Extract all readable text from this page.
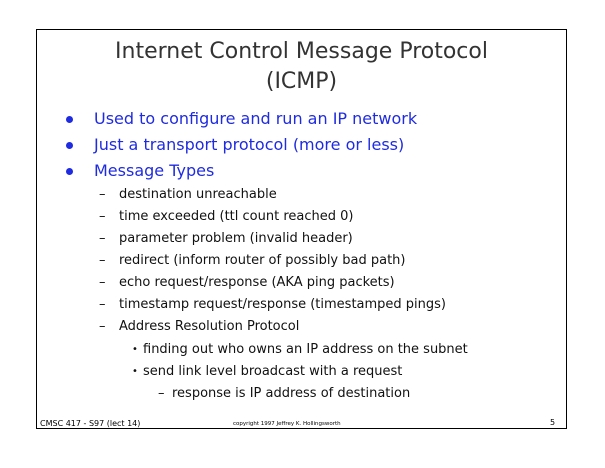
Internet Control Message Protocol
(ICMP)
Used to configure and run an IP network
Just a transport protocol (more or less)
Message Types
– destination unreachable
– time exceeded (ttl count reached 0)
– parameter problem (invalid header)
– redirect (inform router of possibly bad path)
– echo request/response (AKA ping packets)
– timestamp request/response (timestamped pings)
– Address Resolution Protocol
• finding out who owns an IP address on the subnet
• send link level broadcast with a request
– response is IP address of destination
CMSC 417 - S97 (lect 14)	copyright 1997 Jeffrey K. Hollingsworth	5
